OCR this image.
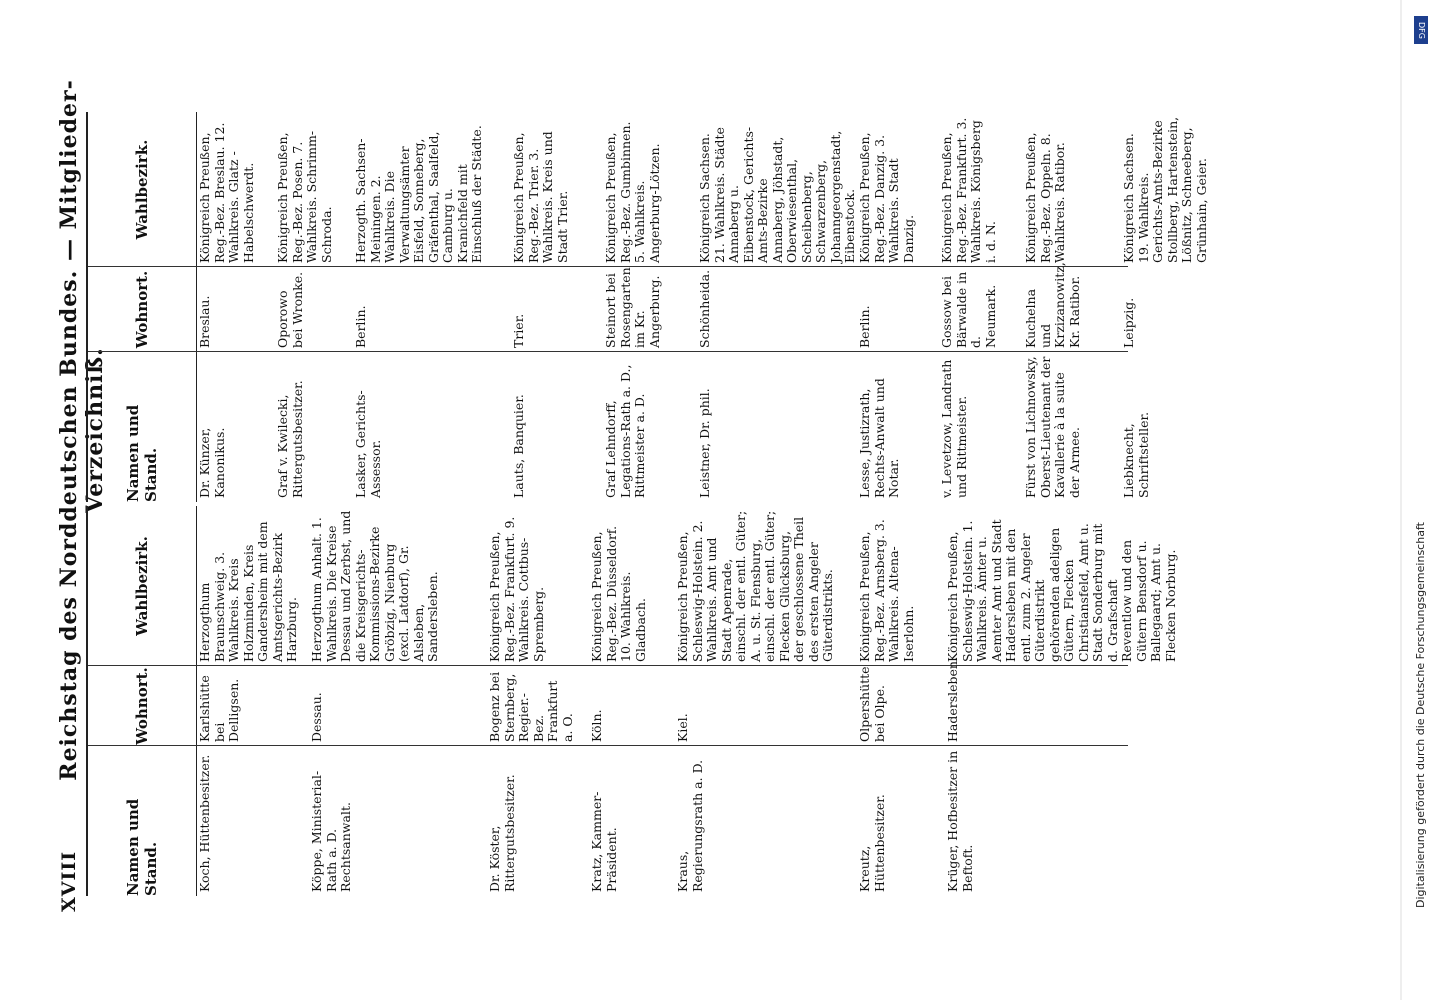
XVIII
Reichstag des Norddeutschen Bundes. — Mitglieder-Verzeichniß.
Namen und Stand.
Wohnort.
Wahlbezirk.
Koch, Hüttenbesitzer.
Karlshütte bei Delligsen.
Herzogthum Braunschweig. 3. Wahlkreis. Kreis Holzminden, Kreis Gandersheim mit dem Amtsgerichts-Bezirk Harzburg.
Köppe, Ministerial-Rath a. D. Rechtsanwalt.
Dessau.
Herzogthum Anhalt. 1. Wahlkreis. Die Kreise Dessau und Zerbst, und die Kreisgerichts-Kommissions-Bezirke Gröbzig, Nienburg (excl. Latdorf), Gr. Alsleben, Sandersleben.
Dr. Köster, Rittergutsbesitzer.
Bogenz bei Sternberg, Regier.-Bez. Frankfurt a. O.
Königreich Preußen, Reg.-Bez. Frankfurt. 9. Wahlkreis. Cottbus-Spremberg.
Kratz, Kammer-Präsident.
Köln.
Königreich Preußen, Reg.-Bez. Düsseldorf. 10. Wahlkreis. Gladbach.
Kraus, Regierungsrath a. D.
Kiel.
Königreich Preußen, Schleswig-Holstein. 2. Wahlkreis. Amt und Stadt Apenrade, einschl. der entl. Güter; A. u. St. Flensburg, einschl. der entl. Güter; Flecken Glücksburg, der geschlossene Theil des ersten Angeler Güterdistrikts.
Kreutz, Hüttenbesitzer.
Olpershütte bei Olpe.
Königreich Preußen, Reg.-Bez. Arnsberg. 3. Wahlkreis. Altena-Iserlohn.
Krüger, Hofbesitzer in Beftoft.
Hadersleben.
Königreich Preußen, Schleswig-Holstein. 1. Wahlkreis. Ämter u. Aemter Amt und Stadt Hadersleben mit den entl. zum 2. Angeler Güterdistrikt gehörenden adeligen Gütern, Flecken Christiansfeld, Amt u. Stadt Sonderburg mit d. Grafschaft Reventlow und den Gütern Bensdorf u. Ballegaard; Amt u. Flecken Norburg.
Namen und Stand.
Wohnort.
Wahlbezirk.
Dr. Künzer, Kanonikus.
Breslau.
Königreich Preußen, Reg.-Bez. Breslau. 12. Wahlkreis. Glatz - Habelschwerdt.
Graf v. Kwilecki, Rittergutsbesitzer.
Oporowo bei Wronke.
Königreich Preußen, Reg.-Bez. Posen. 7. Wahlkreis. Schrimm-Schroda.
Lasker, Gerichts-Assessor.
Berlin.
Herzogth. Sachsen-Meiningen. 2. Wahlkreis. Die Verwaltungsämter Eisfeld, Sonneberg, Gräfenthal, Saalfeld, Camburg u. Kranichfeld mit Einschluß der Städte.
Lauts, Banquier.
Trier.
Königreich Preußen, Reg.-Bez. Trier. 3. Wahlkreis. Kreis und Stadt Trier.
Graf Lehndorff, Legations-Rath a. D., Rittmeister a. D.
Steinort bei Rosengarten im Kr. Angerburg.
Königreich Preußen, Reg.-Bez. Gumbinnen. 5. Wahlkreis. Angerburg-Lötzen.
Leistner, Dr. phil.
Schönheida.
Königreich Sachsen. 21. Wahlkreis. Städte Annaberg u. Eibenstock, Gerichts-Amts-Bezirke Annaberg, Jöhstadt, Oberwiesenthal, Scheibenberg, Schwarzenberg, Johanngeorgenstadt, Eibenstock.
Lesse, Justizrath, Rechts-Anwalt und Notar.
Berlin.
Königreich Preußen, Reg.-Bez. Danzig. 3. Wahlkreis. Stadt Danzig.
v. Levetzow, Landrath und Rittmeister.
Gossow bei Bärwalde in d. Neumark.
Königreich Preußen, Reg.-Bez. Frankfurt. 3. Wahlkreis. Königsberg i. d. N.
Fürst von Lichnowsky, Oberst-Lieutenant der Kavallerie à la suite der Armee.
Kuchelna und Krzizanowitz, Kr. Ratibor.
Königreich Preußen, Reg.-Bez. Oppeln. 8. Wahlkreis. Ratibor.
Liebknecht, Schriftsteller.
Leipzig.
Königreich Sachsen. 19. Wahlkreis. Gerichts-Amts-Bezirke Stollberg, Hartenstein, Lößnitz, Schneeberg, Grünhain, Geier.
DFG
Digitalisierung gefördert durch die Deutsche Forschungsgemeinschaft
